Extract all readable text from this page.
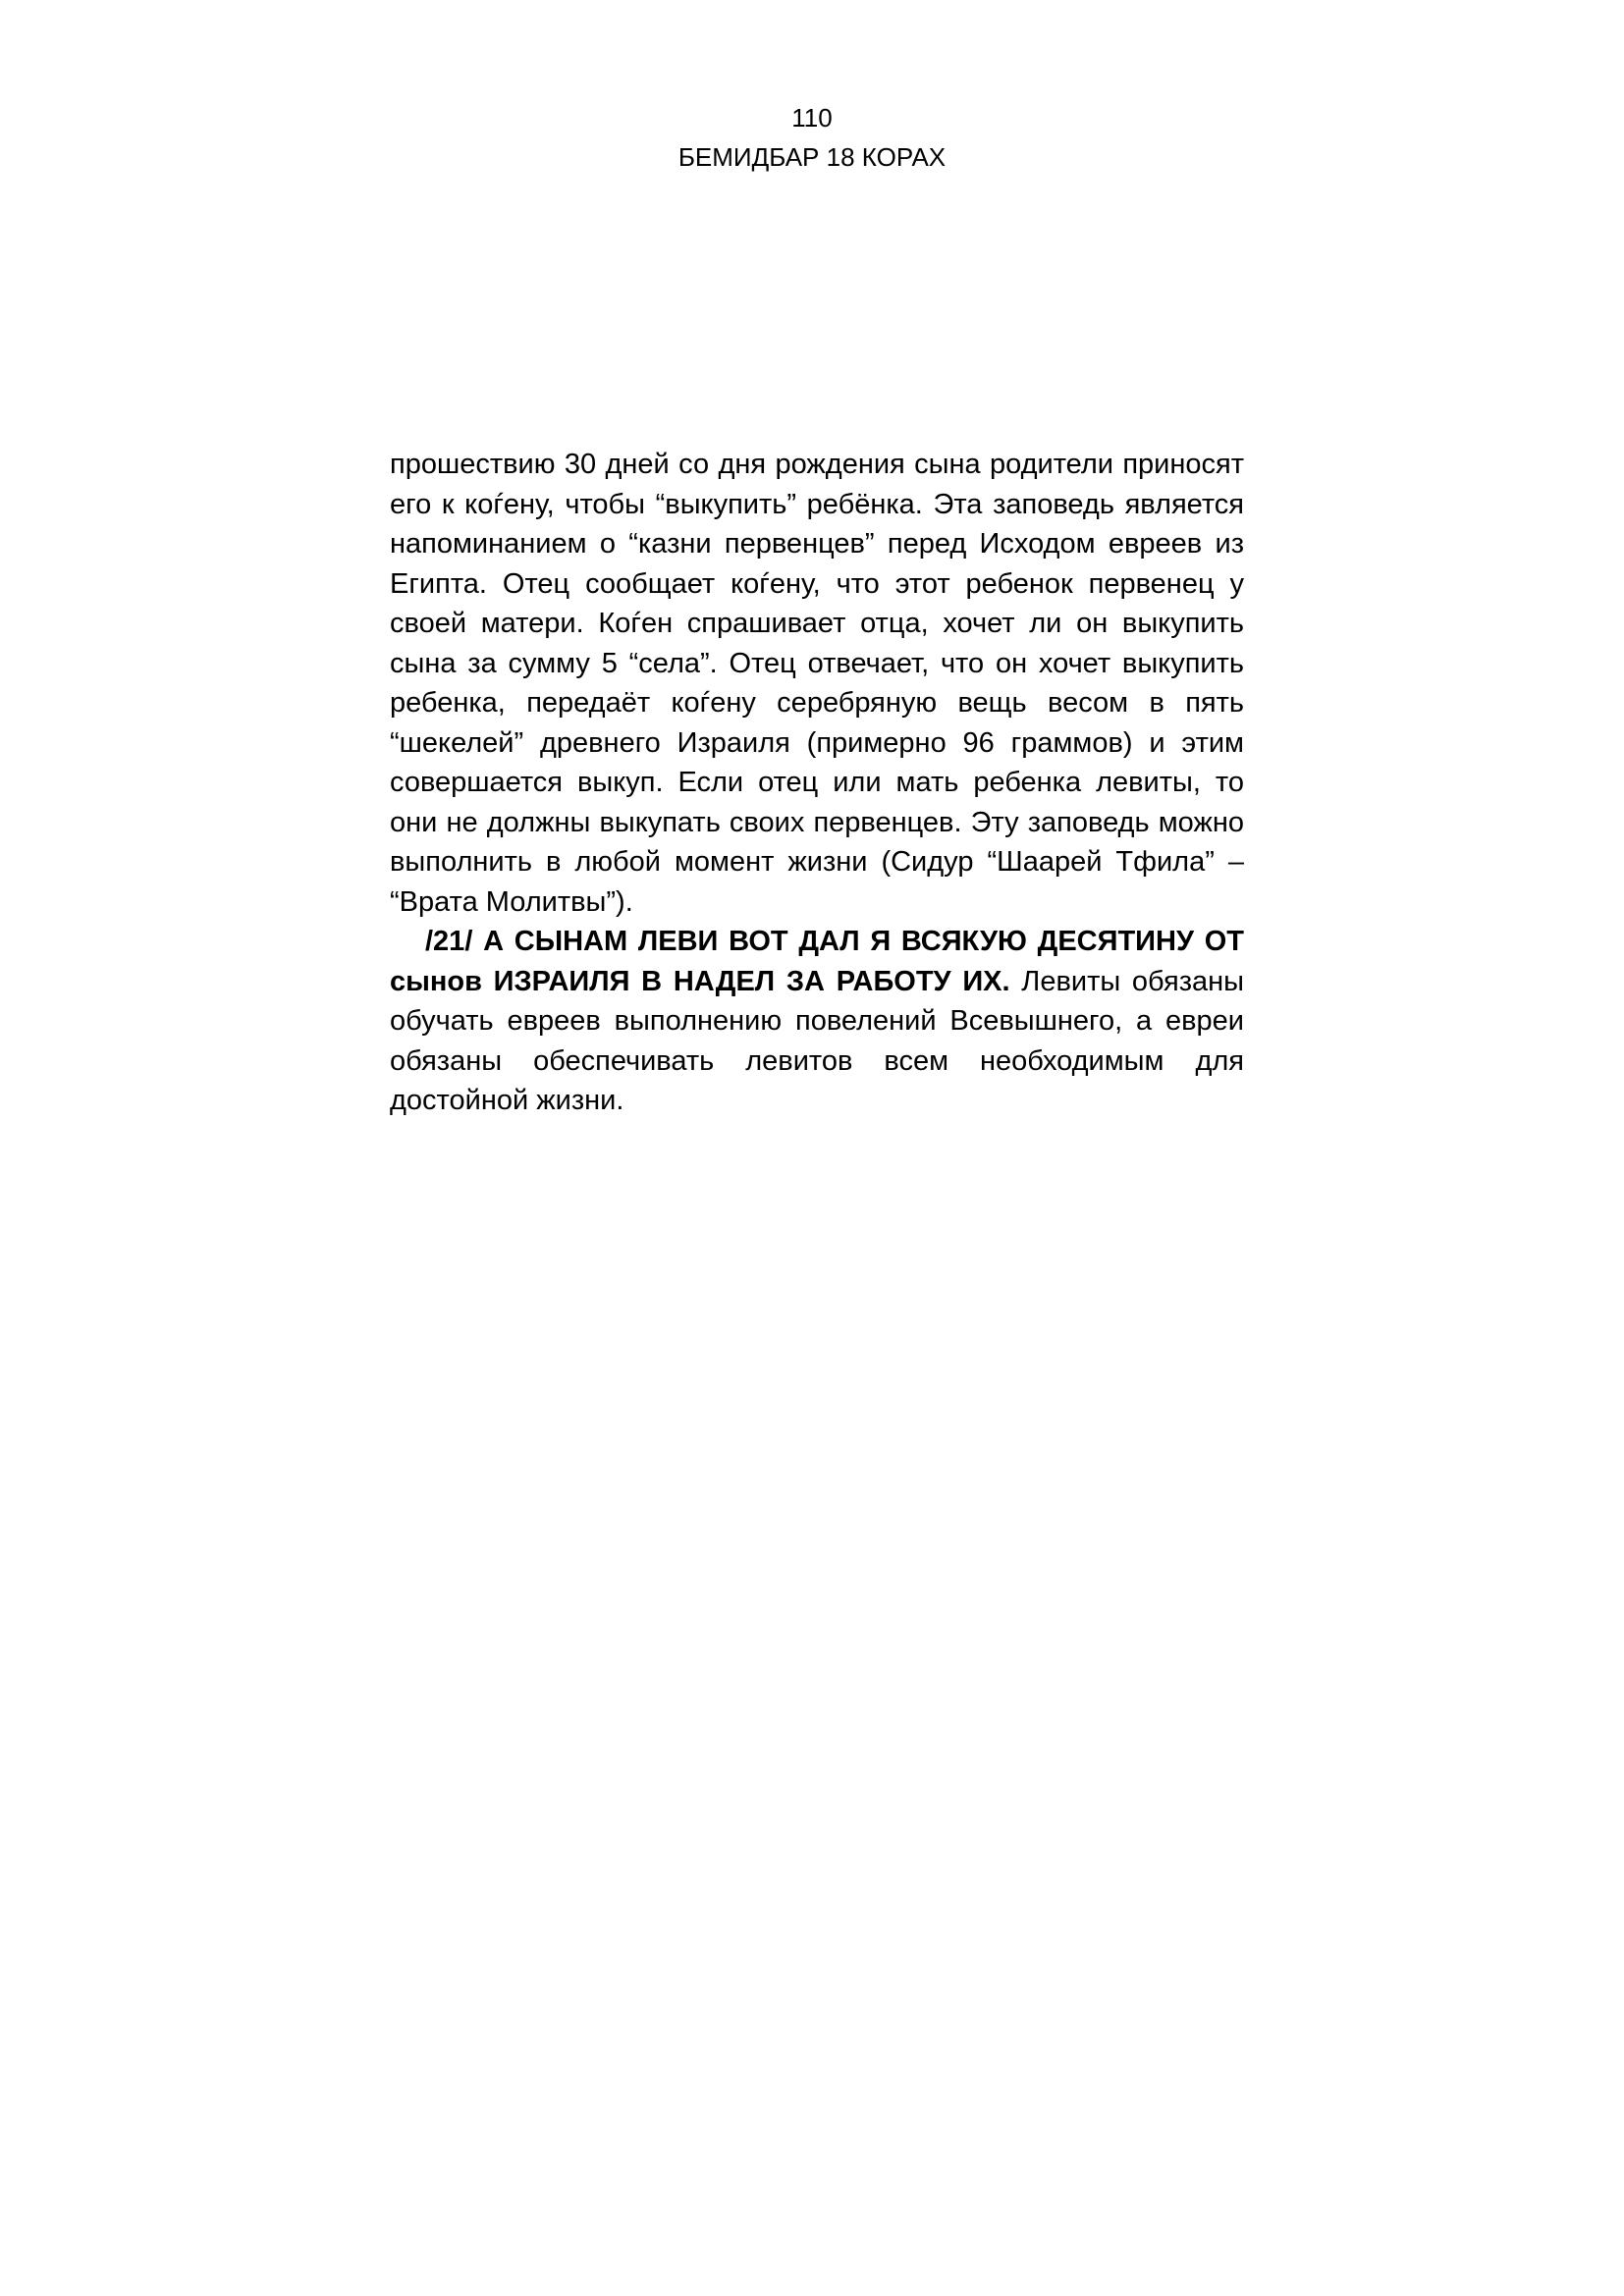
110
БЕМИДБАР 18 КОРАХ

прошествию 30 дней со дня рождения сына родители приносят его к коѓену, чтобы “выкупить” ребёнка. Эта заповедь является напоминанием о “казни первенцев” перед Исходом евреев из Египта. Отец сообщает коѓену, что этот ребенок первенец у своей матери. Коѓен спрашивает отца, хочет ли он выкупить сына за сумму 5 “села”. Отец отвечает, что он хочет выкупить ребенка, передаёт коѓену серебряную вещь весом в пять “шекелей” древнего Израиля (примерно 96 граммов) и этим совершается выкуп. Если отец или мать ребенка левиты, то они не должны выкупать своих первенцев. Эту заповедь можно выполнить в любой момент жизни (Сидур “Шаарей Тфила” – “Врата Молитвы”).

/21/ А СЫНАМ ЛЕВИ ВОТ ДАЛ Я ВСЯКУЮ ДЕСЯТИНУ ОТ сынов ИЗРАИЛЯ В НАДЕЛ ЗА РАБОТУ ИХ. Левиты обязаны обучать евреев выполнению повелений Всевышнего, а евреи обязаны обеспечивать левитов всем необходимым для достойной жизни.
